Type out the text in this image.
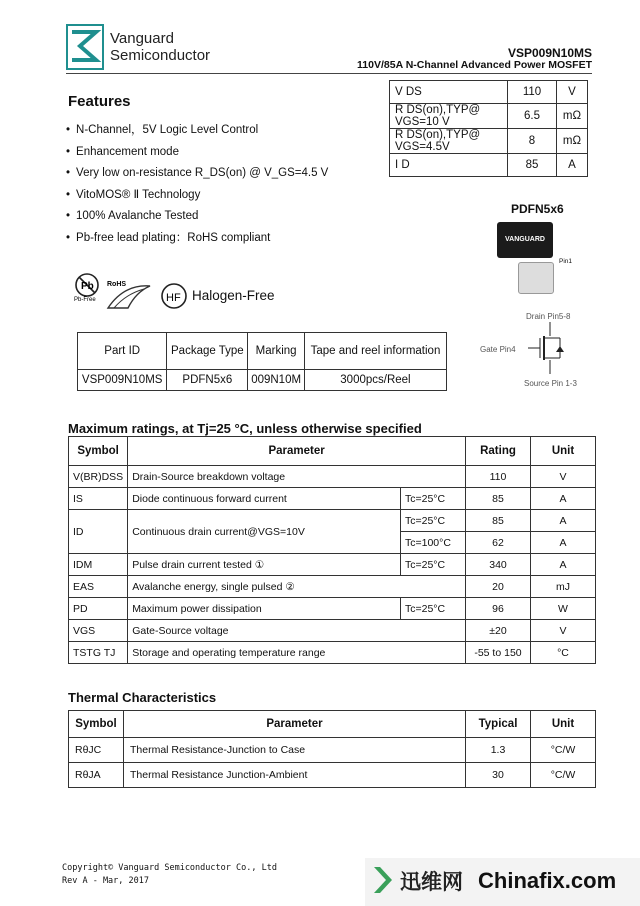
Vanguard
Semiconductor	VSP009N10MS
110V/85A N-Channel Advanced Power MOSFET
Features
• N-Channel，5V Logic Level Control
• Enhancement mode
• Very low on-resistance R_DS(on) @ V_GS=4.5 V
• VitoMOS® Ⅱ Technology
• 100% Avalanche Tested
• Pb-free lead plating：RoHS compliant
V DS	110	V
R DS(on),TYP@ VGS=10 V	6.5	mΩ
R DS(on),TYP@ VGS=4.5V	8	mΩ
I D	85	A
PDFN5x6
VANGUARD
Pin1
Drain Pin5-8
Gate Pin4
Source Pin 1-3
Pb
Pb-Free
RoHS
HF Halogen-Free
Part ID	Package Type	Marking	Tape and reel information
VSP009N10MS	PDFN5x6	009N10M	3000pcs/Reel
Maximum ratings, at Tj=25 °C, unless otherwise specified
Symbol	Parameter		Rating	Unit
V(BR)DSS	Drain-Source breakdown voltage		110	V
IS	Diode continuous forward current	Tc=25°C	85	A
ID	Continuous drain current@VGS=10V	Tc=25°C	85	A
		Tc=100°C	62	A
IDM	Pulse drain current tested ①	Tc=25°C	340	A
EAS	Avalanche energy, single pulsed ②		20	mJ
PD	Maximum power dissipation	Tc=25°C	96	W
VGS	Gate-Source voltage		±20	V
TSTG TJ	Storage and operating temperature range		-55 to 150	°C
Thermal Characteristics
Symbol	Parameter	Typical	Unit
RθJC	Thermal Resistance-Junction to Case	1.3	°C/W
RθJA	Thermal Resistance Junction-Ambient	30	°C/W
Copyright© Vanguard Semiconductor Co., Ltd
Rev A - Mar, 2017	迅维网 Chinafix.com
